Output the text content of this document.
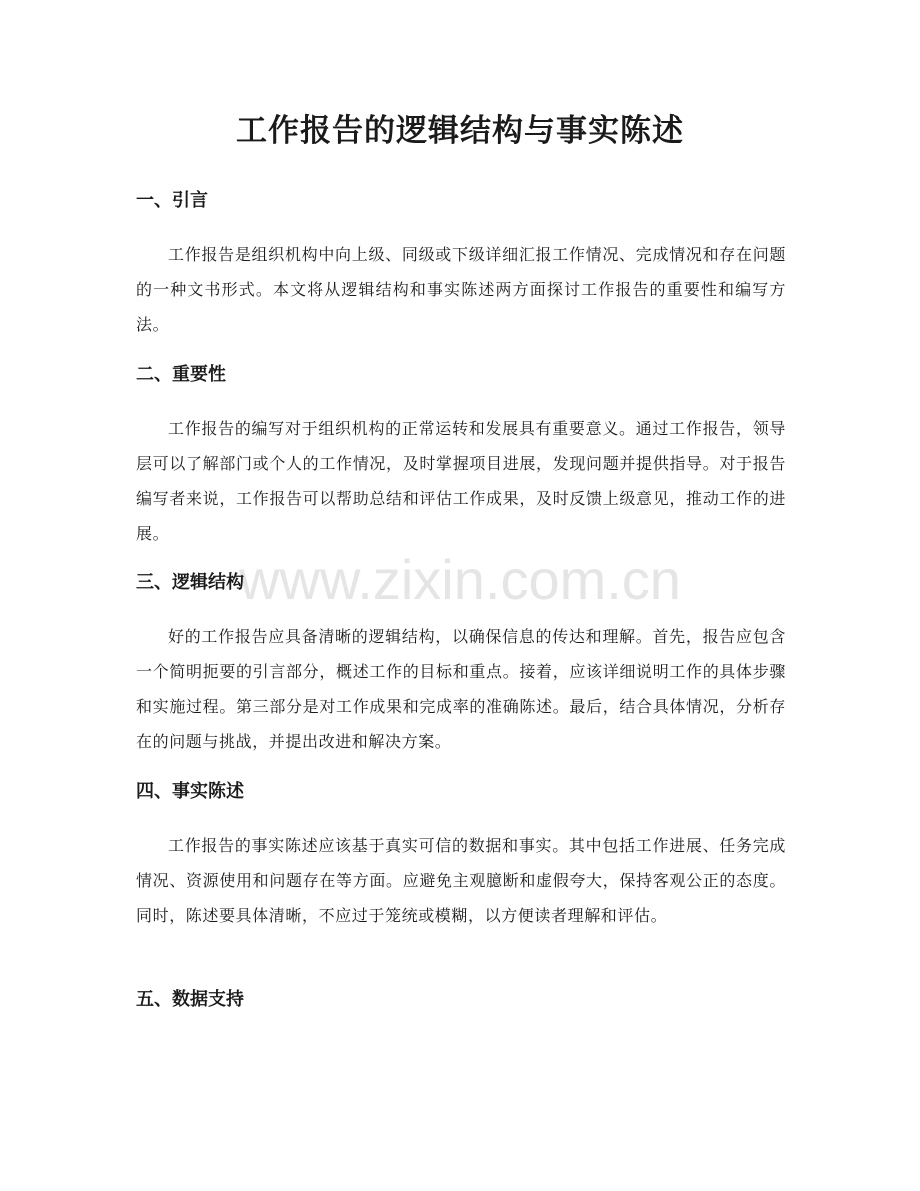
工作报告的逻辑结构与事实陈述
www.zixin.com.cn
一、引言

工作报告是组织机构中向上级、同级或下级详细汇报工作情况、完成情况和存在问题的一种文书形式。本文将从逻辑结构和事实陈述两方面探讨工作报告的重要性和编写方法。

二、重要性

工作报告的编写对于组织机构的正常运转和发展具有重要意义。通过工作报告，领导层可以了解部门或个人的工作情况，及时掌握项目进展，发现问题并提供指导。对于报告编写者来说，工作报告可以帮助总结和评估工作成果，及时反馈上级意见，推动工作的进展。

三、逻辑结构

好的工作报告应具备清晰的逻辑结构，以确保信息的传达和理解。首先，报告应包含一个简明扼要的引言部分，概述工作的目标和重点。接着，应该详细说明工作的具体步骤和实施过程。第三部分是对工作成果和完成率的准确陈述。最后，结合具体情况，分析存在的问题与挑战，并提出改进和解决方案。

四、事实陈述

工作报告的事实陈述应该基于真实可信的数据和事实。其中包括工作进展、任务完成情况、资源使用和问题存在等方面。应避免主观臆断和虚假夸大，保持客观公正的态度。同时，陈述要具体清晰，不应过于笼统或模糊，以方便读者理解和评估。

五、数据支持
